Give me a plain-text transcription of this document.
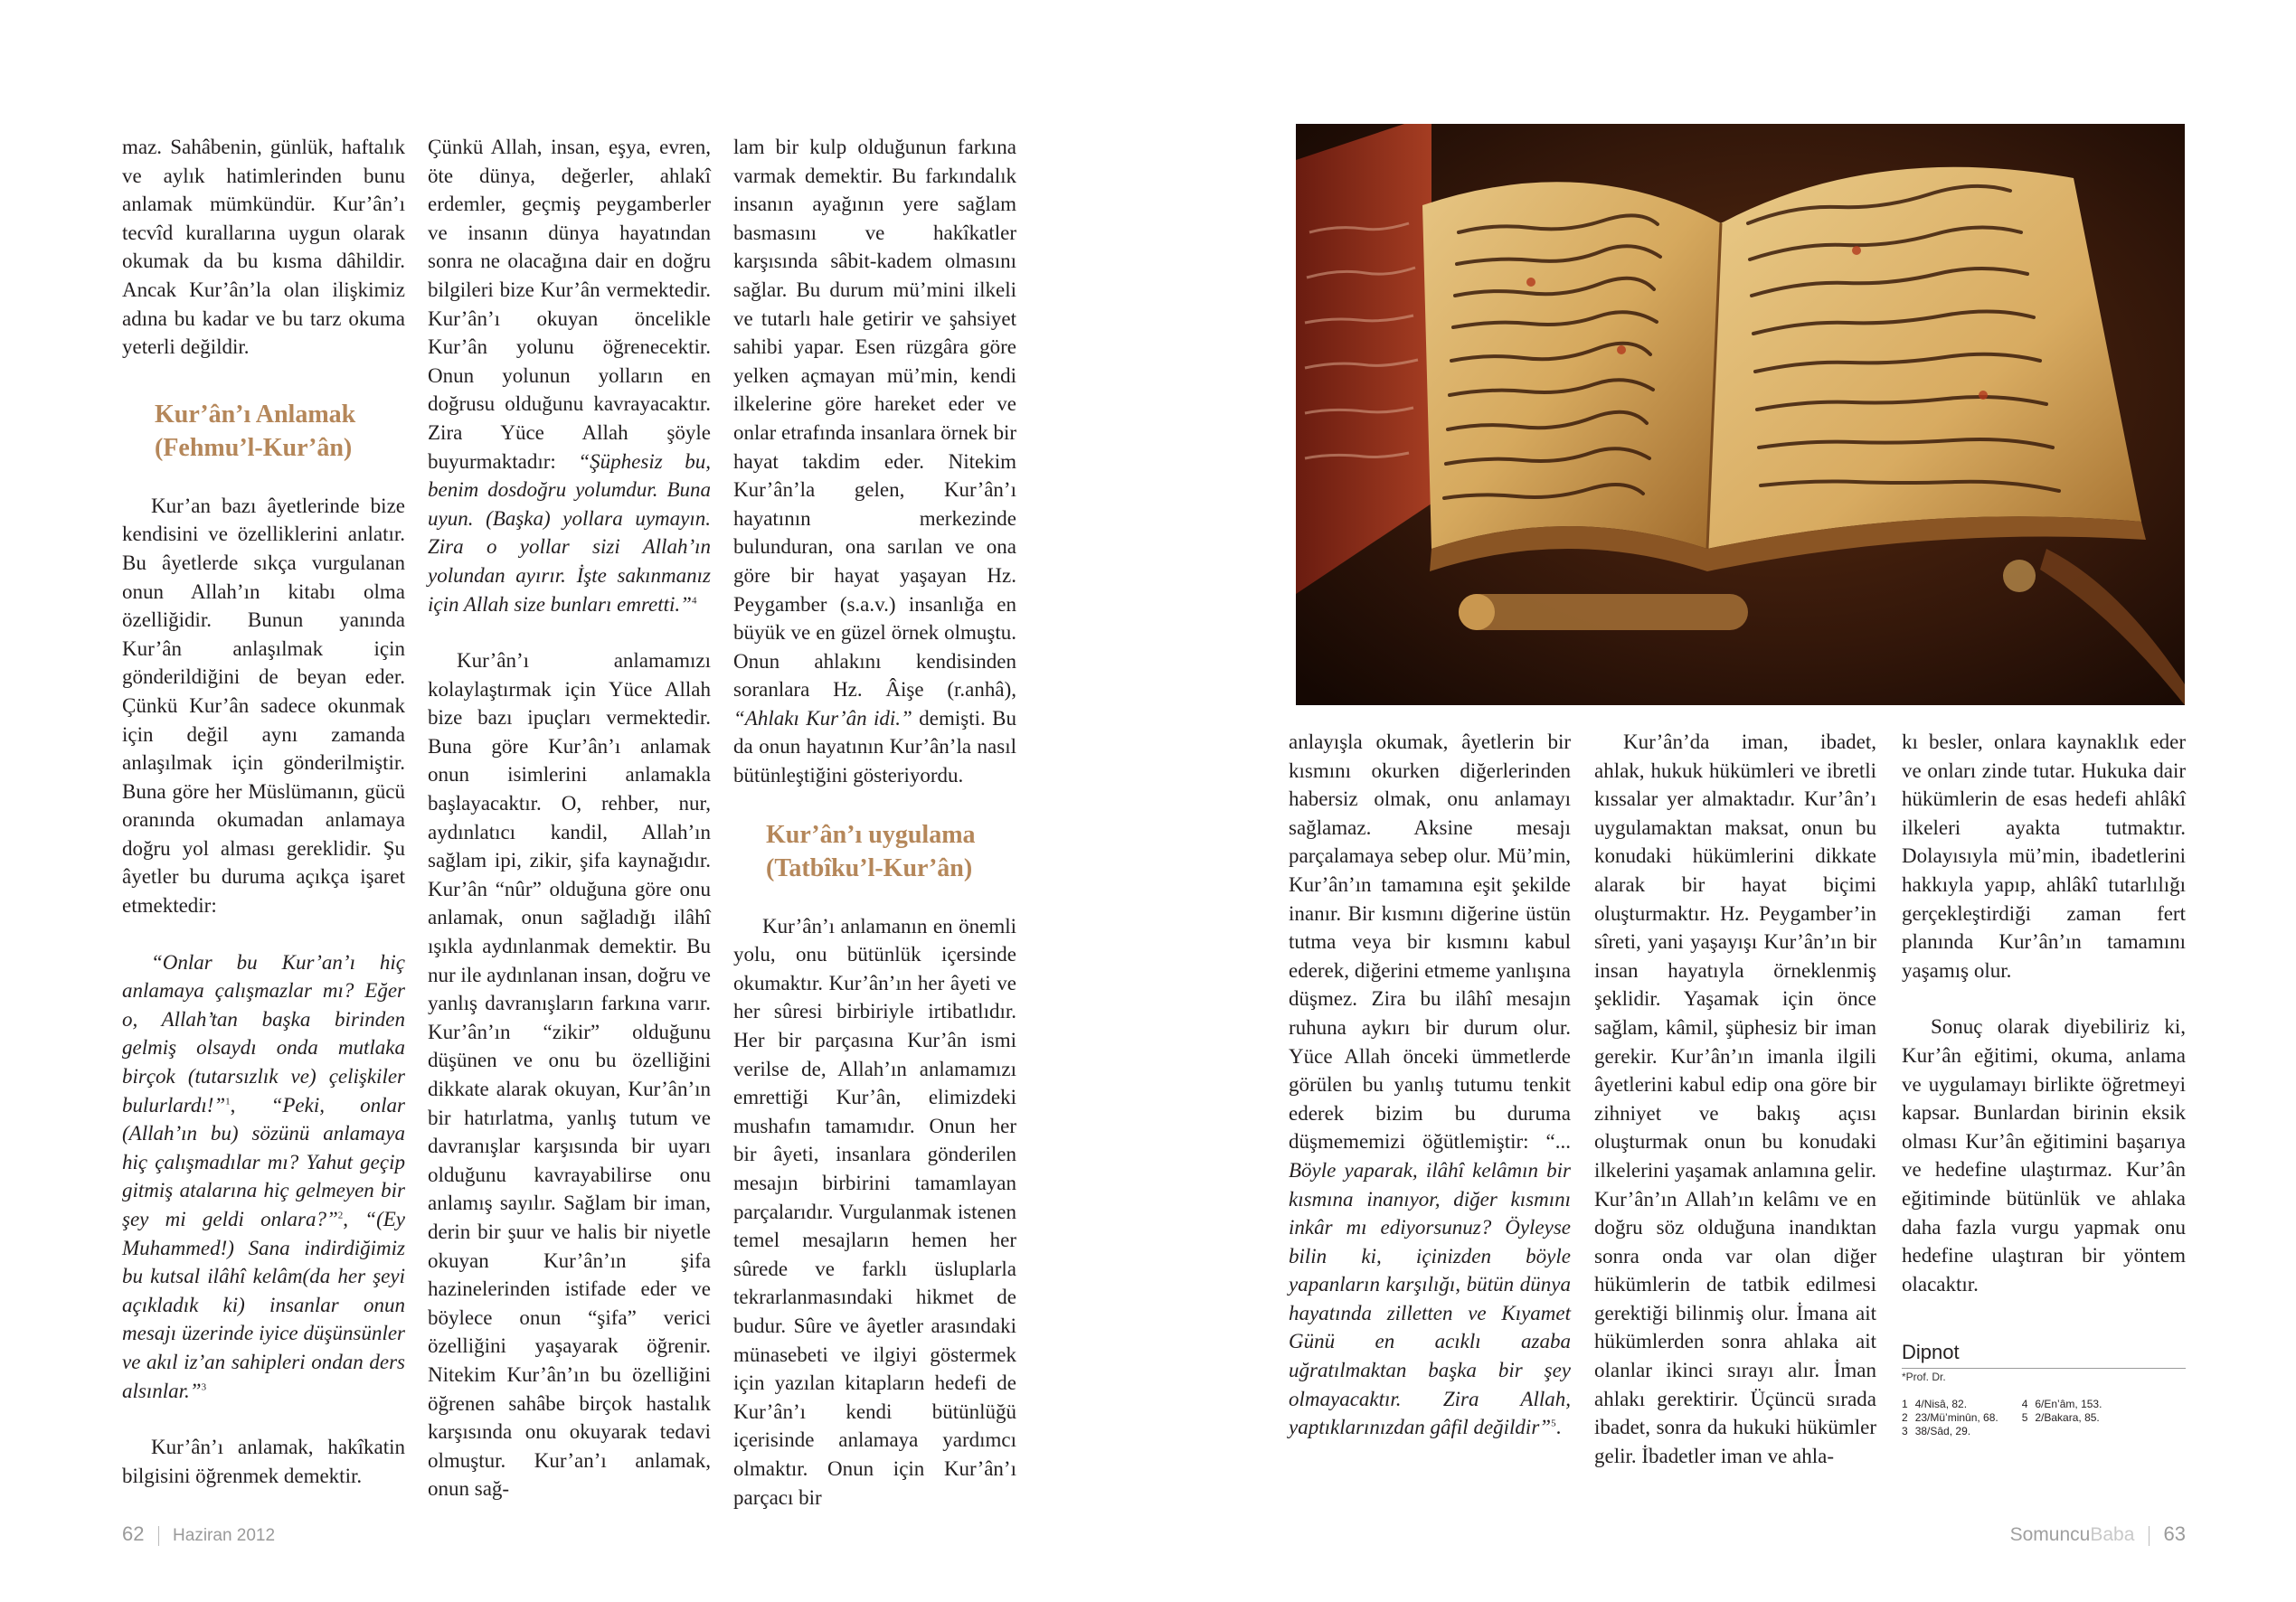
maz. Sahâbenin, günlük, haftalık ve aylık hatimlerinden bunu anlamak mümkündür. Kur’ân’ı tecvîd kurallarına uygun olarak okumak da bu kısma dâhildir. Ancak Kur’ân’la olan ilişkimiz adına bu kadar ve bu tarz okuma yeterli değildir.

Kur’ân’ı Anlamak
(Fehmu’l-Kur’ân)

Kur’an bazı âyetlerinde bize kendisini ve özelliklerini anlatır. Bu âyetlerde sıkça vurgulanan onun Allah’ın kitabı olma özelliğidir. Bunun yanında Kur’ân anlaşılmak için gönderildiğini de beyan eder. Çünkü Kur’ân sadece okunmak için değil aynı zamanda anlaşılmak için gönderilmiştir. Buna göre her Müslümanın, gücü oranında okumadan anlamaya doğru yol alması gereklidir. Şu âyetler bu duruma açıkça işaret etmektedir:

“Onlar bu Kur’an’ı hiç anlamaya çalışmazlar mı? Eğer o, Allah’tan başka birinden gelmiş olsaydı onda mutlaka birçok (tutarsızlık ve) çelişkiler bulurlardı!”$^1$, “Peki, onlar (Allah’ın bu) sözünü anlamaya hiç çalışmadılar mı? Yahut geçip gitmiş atalarına hiç gelmeyen bir şey mi geldi onlara?”$^2$, “(Ey Muhammed!) Sana indirdiğimiz bu kutsal ilâhî kelâm(da her şeyi açıkladık ki) insanlar onun mesajı üzerinde iyice düşünsünler ve akıl iz’an sahipleri ondan ders alsınlar.”$^3$

Kur’ân’ı anlamak, hakîkatin bilgisini öğrenmek demektir.

Çünkü Allah, insan, eşya, evren, öte dünya, değerler, ahlakî erdemler, geçmiş peygamberler ve insanın dünya hayatından sonra ne olacağına dair en doğru bilgileri bize Kur’ân vermektedir. Kur’ân’ı okuyan öncelikle Kur’ân yolunu öğrenecektir. Onun yolunun yolların en doğrusu olduğunu kavrayacaktır. Zira Yüce Allah şöyle buyurmaktadır: “Şüphesiz bu, benim dosdoğru yolumdur. Buna uyun. (Başka) yollara uymayın. Zira o yollar sizi Allah’ın yolundan ayırır. İşte sakınmanız için Allah size bunları emretti.”$^4$

Kur’ân’ı anlamamızı kolaylaştırmak için Yüce Allah bize bazı ipuçları vermektedir. Buna göre Kur’ân’ı anlamak onun isimlerini anlamakla başlayacaktır. O, rehber, nur, aydınlatıcı kandil, Allah’ın sağlam ipi, zikir, şifa kaynağıdır. Kur’ân “nûr” olduğuna göre onu anlamak, onun sağladığı ilâhî ışıkla aydınlanmak demektir. Bu nur ile aydınlanan insan, doğru ve yanlış davranışların farkına varır. Kur’ân’ın “zikir” olduğunu düşünen ve onu bu özelliğini dikkate alarak okuyan, Kur’ân’ın bir hatırlatma, yanlış tutum ve davranışlar karşısında bir uyarı olduğunu kavrayabilirse onu anlamış sayılır. Sağlam bir iman, derin bir şuur ve halis bir niyetle okuyan Kur’ân’ın şifa hazinelerinden istifade eder ve böylece onun “şifa” verici özelliğini yaşayarak öğrenir. Nitekim Kur’ân’ın bu özelliğini öğrenen sahâbe birçok hastalık karşısında onu okuyarak tedavi olmuştur. Kur’an’ı anlamak, onun sağ-

lam bir kulp olduğunun farkına varmak demektir. Bu farkındalık insanın ayağının yere sağlam basmasını ve hakîkatler karşısında sâbit-kadem olmasını sağlar. Bu durum mü’mini ilkeli ve tutarlı hale getirir ve şahsiyet sahibi yapar. Esen rüzgâra göre yelken açmayan mü’min, kendi ilkelerine göre hareket eder ve onlar etrafında insanlara örnek bir hayat takdim eder. Nitekim Kur’ân’la gelen, Kur’ân’ı hayatının merkezinde bulunduran, ona sarılan ve ona göre bir hayat yaşayan Hz. Peygamber (s.a.v.) insanlığa en büyük ve en güzel örnek olmuştu. Onun ahlakını kendisinden soranlara Hz. Âişe (r.anhâ), “Ahlakı Kur’ân idi.” demişti. Bu da onun hayatının Kur’ân’la nasıl bütünleştiğini gösteriyordu.

Kur’ân’ı uygulama
(Tatbîku’l-Kur’ân)

Kur’ân’ı anlamanın en önemli yolu, onu bütünlük içersinde okumaktır. Kur’ân’ın her âyeti ve her sûresi birbiriyle irtibatlıdır. Her bir parçasına Kur’ân ismi verilse de, Allah’ın anlamamızı emrettiği Kur’ân, elimizdeki mushafın tamamıdır. Onun her bir âyeti, insanlara gönderilen mesajın birbirini tamamlayan parçalarıdır. Vurgulanmak istenen temel mesajların hemen her sûrede ve farklı üsluplarla tekrarlanmasındaki hikmet de budur. Sûre ve âyetler arasındaki münasebeti ve ilgiyi göstermek için yazılan kitapların hedefi de Kur’ân’ı kendi bütünlüğü içerisinde anlamaya yardımcı olmaktır. Onun için Kur’ân’ı parçacı bir

62 Haziran 2012

anlayışla okumak, âyetlerin bir kısmını okurken diğerlerinden habersiz olmak, onu anlamayı sağlamaz. Aksine mesajı parçalamaya sebep olur. Mü’min, Kur’ân’ın tamamına eşit şekilde inanır. Bir kısmını diğerine üstün tutma veya bir kısmını kabul ederek, diğerini etmeme yanlışına düşmez. Zira bu ilâhî mesajın ruhuna aykırı bir durum olur. Yüce Allah önceki ümmetlerde görülen bu yanlış tutumu tenkit ederek bizim bu duruma düşmememizi öğütlemiştir: “... Böyle yaparak, ilâhî kelâmın bir kısmına inanıyor, diğer kısmını inkâr mı ediyorsunuz? Öyleyse bilin ki, içinizden böyle yapanların karşılığı, bütün dünya hayatında zilletten ve Kıyamet Günü en acıklı azaba uğratılmaktan başka bir şey olmayacaktır. Zira Allah, yaptıklarınızdan gâfil değildir”$^5$.

Kur’ân’da iman, ibadet, ahlak, hukuk hükümleri ve ibretli kıssalar yer almaktadır. Kur’ân’ı uygulamaktan maksat, onun bu konudaki hükümlerini dikkate alarak bir hayat biçimi oluşturmaktır. Hz. Peygamber’in sîreti, yani yaşayışı Kur’ân’ın bir insan hayatıyla örneklenmiş şeklidir. Yaşamak için önce sağlam, kâmil, şüphesiz bir iman gerekir. Kur’ân’ın imanla ilgili âyetlerini kabul edip ona göre bir zihniyet ve bakış açısı oluşturmak onun bu konudaki ilkelerini yaşamak anlamına gelir. Kur’ân’ın Allah’ın kelâmı ve en doğru söz olduğuna inandıktan sonra onda var olan diğer hükümlerin de tatbik edilmesi gerektiği bilinmiş olur. İmana ait hükümlerden sonra ahlaka ait olanlar ikinci sırayı alır. İman ahlakı gerektirir. Üçüncü sırada ibadet, sonra da hukuki hükümler gelir. İbadetler iman ve ahla-

kı besler, onlara kaynaklık eder ve onları zinde tutar. Hukuka dair hükümlerin de esas hedefi ahlâkî ilkeleri ayakta tutmaktır. Dolayısıyla mü’min, ibadetlerini hakkıyla yapıp, ahlâkî tutarlılığı gerçekleştirdiği zaman fert planında Kur’ân’ın tamamını yaşamış olur.

Sonuç olarak diyebiliriz ki, Kur’ân eğitimi, okuma, anlama ve uygulamayı birlikte öğretmeyi kapsar. Bunlardan birinin eksik olması Kur’ân eğitimini başarıya ve hedefine ulaştırmaz. Kur’ân eğitiminde bütünlük ve ahlaka daha fazla vurgu yapmak onu hedefine ulaştıran bir yöntem olacaktır.

Dipnot
*Prof. Dr.
1	4/Nisâ, 82.	4	6/En’âm, 153.
2	23/Mü’minûn, 68.	5	2/Bakara, 85.
3	38/Sâd, 29.		
SomuncuBaba 63
